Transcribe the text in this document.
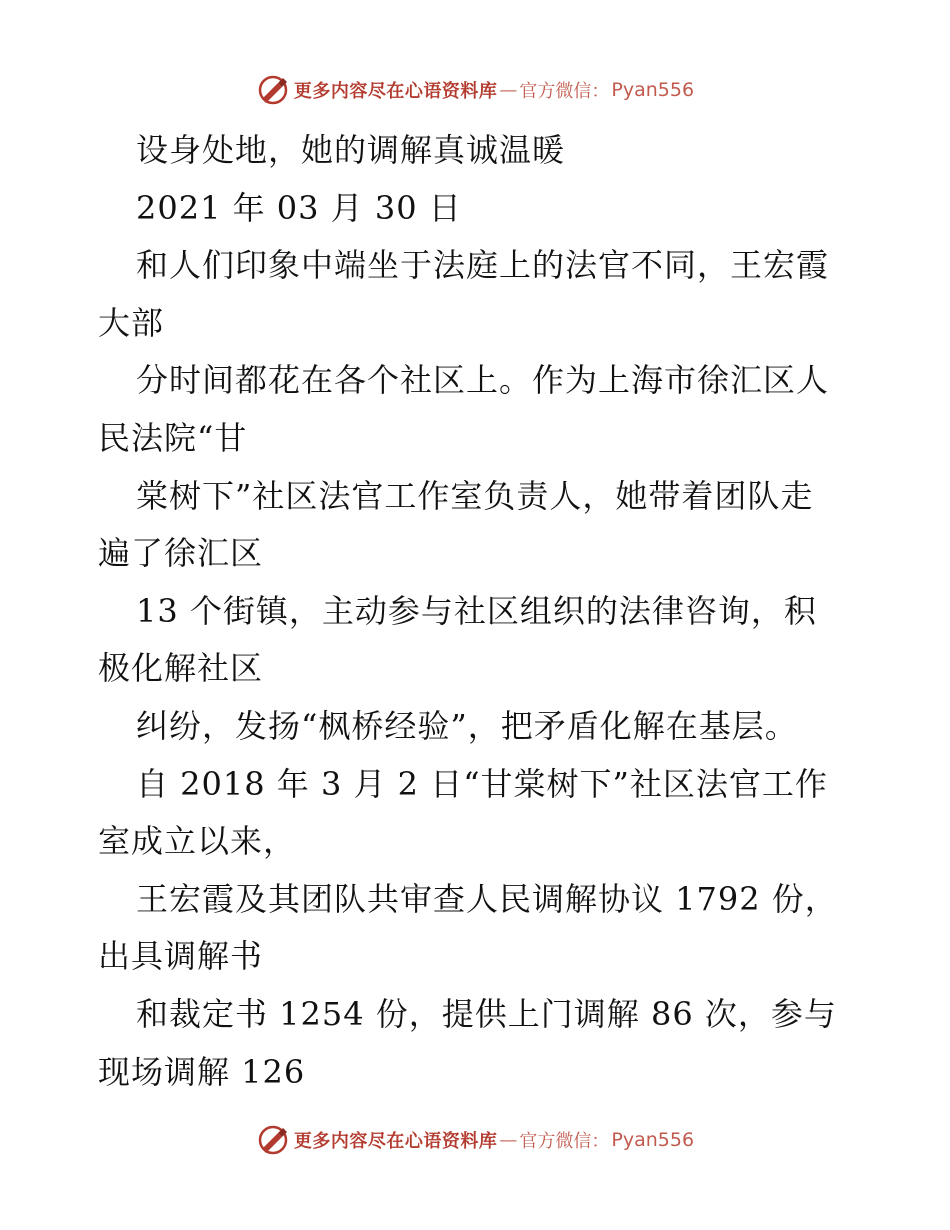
更多内容尽在心语资料库 — 官方微信： Pyan556
设身处地，她的调解真诚温暖
2021 年 03 月 30 日
和人们印象中端坐于法庭上的法官不同，王宏霞
大部
分时间都花在各个社区上。作为上海市徐汇区人
民法院“甘
棠树下”社区法官工作室负责人，她带着团队走
遍了徐汇区
13 个街镇，主动参与社区组织的法律咨询，积
极化解社区
纠纷，发扬“枫桥经验”，把矛盾化解在基层。
自 2018 年 3 月 2 日“甘棠树下”社区法官工作
室成立以来，
王宏霞及其团队共审查人民调解协议 1792 份，
出具调解书
和裁定书 1254 份，提供上门调解 86 次，参与
现场调解 126
更多内容尽在心语资料库 — 官方微信： Pyan556
